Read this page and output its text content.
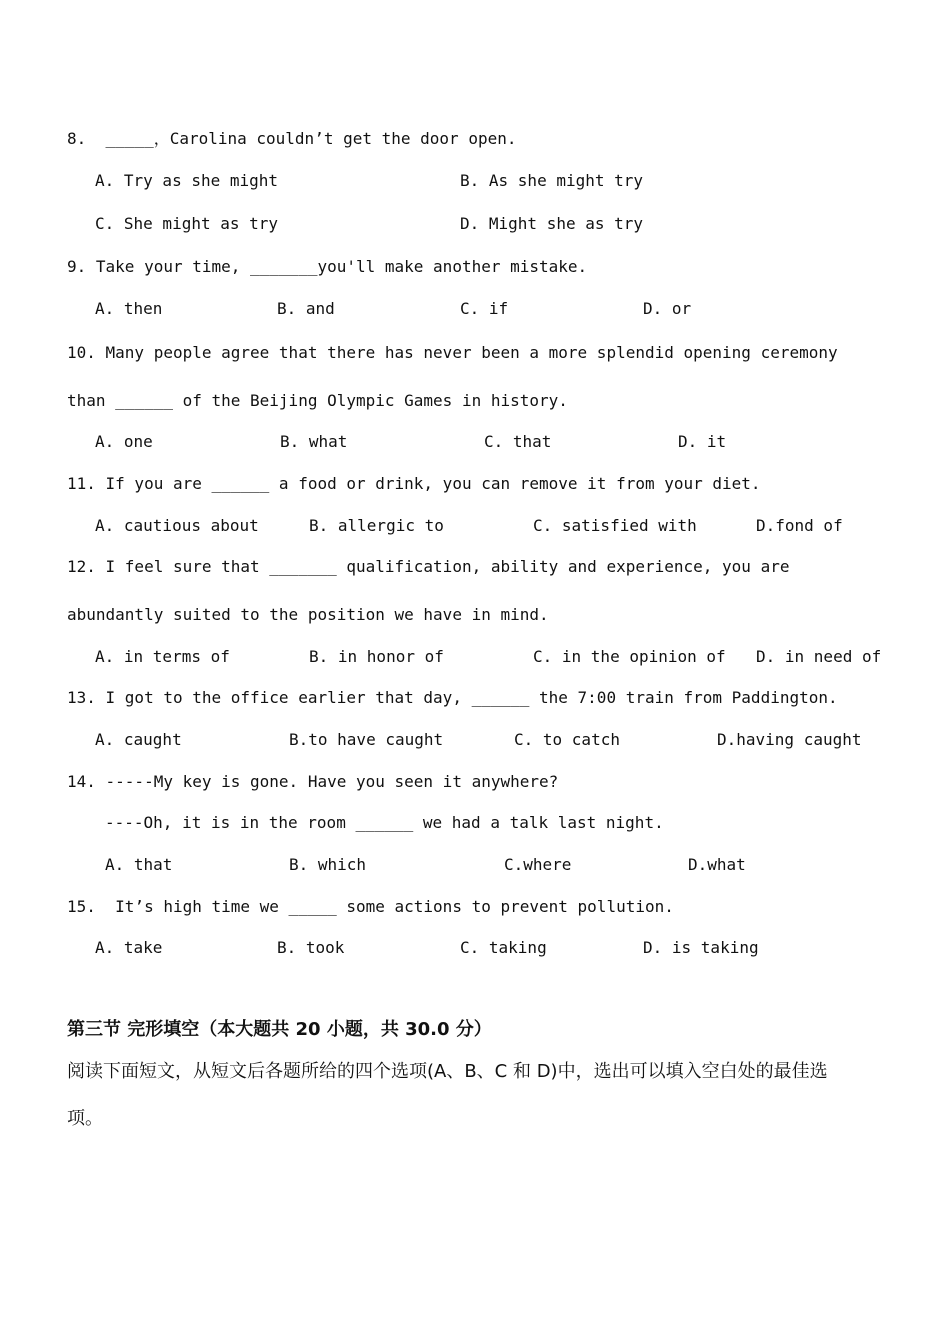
8.  _____，Carolina couldn’t get the door open.
A. Try as she might	B. As she might try
C. She might as try	D. Might she as try
9. Take your time, _______you'll make another mistake.
A. then	B. and	C. if	D. or
10. Many people agree that there has never been a more splendid opening ceremony
than ______ of the Beijing Olympic Games in history.
A. one	B. what	C. that	D. it
11. If you are ______ a food or drink, you can remove it from your diet.
A. cautious about	B. allergic to	C. satisfied with	D.fond of
12. I feel sure that _______ qualification, ability and experience, you are
abundantly suited to the position we have in mind.
A. in terms of	B. in honor of	C. in the opinion of D. in need of
13. I got to the office earlier that day, ______ the 7:00 train from Paddington.
A. caught	B.to have caught	C. to catch	D.having caught
14. -----My key is gone. Have you seen it anywhere?
----Oh, it is in the room ______ we had a talk last night.
A. that	B. which	C.where	D.what
15.  It’s high time we _____ some actions to prevent pollution.
A. take	B. took	C. taking	D. is taking
第三节 完形填空（本大题共 20 小题，共 30.0 分）
阅读下面短文，从短文后各题所给的四个选项(A、B、C 和 D)中，选出可以填入空白处的最佳选
项。
